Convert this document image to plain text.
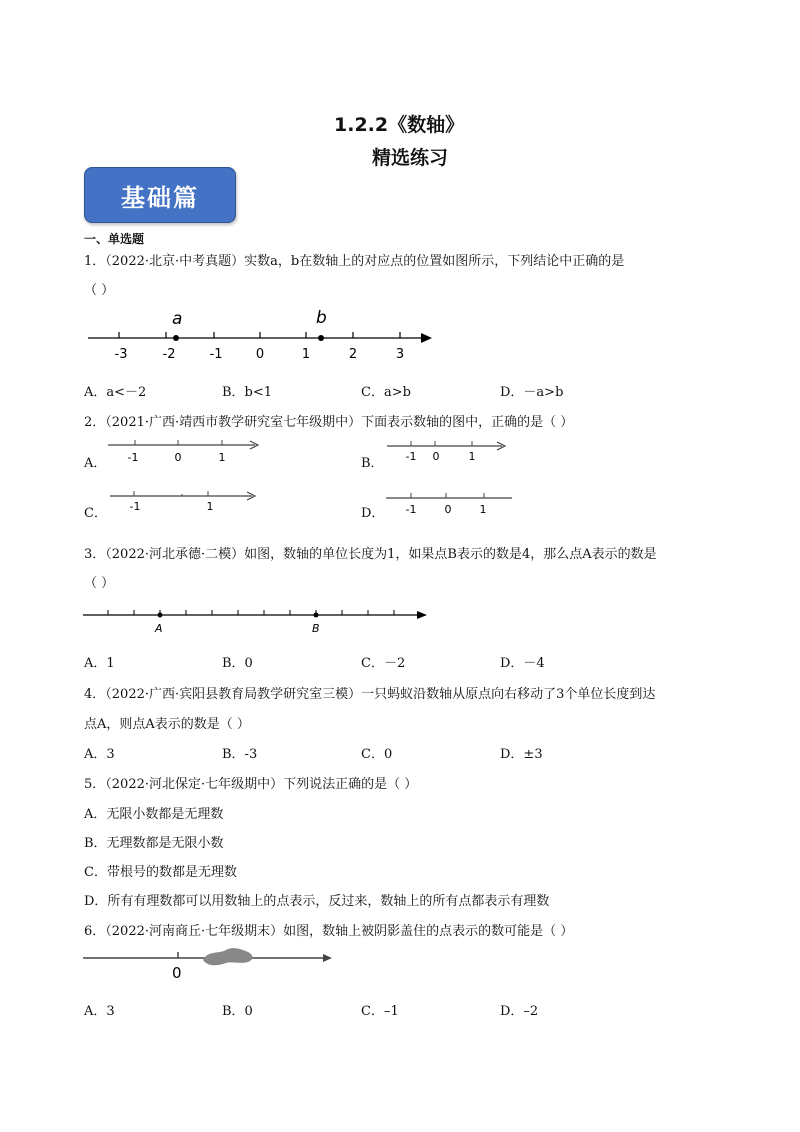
1.2.2《数轴》
精选练习
基础篇
一、单选题
1．（2022·北京·中考真题）实数a，b在数轴上的对应点的位置如图所示，下列结论中正确的是
（ ）
a	b
-3	-2	-1	0	1	2	3
A．a<－2	B．b<1	C．a>b	D．－a>b
2．（2021·广西·靖西市教学研究室七年级期中）下面表示数轴的图中，正确的是（ ）
A． -1	0	1	B． -1 0	1
C． -1	1	D． -1	0	1
3．（2022·河北承德·二模）如图，数轴的单位长度为1，如果点B表示的数是4，那么点A表示的数是
（ ）
A	B
A．1	B．0	C．－2	D．－4
4．（2022·广西·宾阳县教育局教学研究室三模）一只蚂蚁沿数轴从原点向右移动了3个单位长度到达
点A，则点A表示的数是（ ）
A．3	B．-3	C．0	D．±3
5．（2022·河北保定·七年级期中）下列说法正确的是（ ）
A．无限小数都是无理数
B．无理数都是无限小数
C．带根号的数都是无理数
D．所有有理数都可以用数轴上的点表示，反过来，数轴上的所有点都表示有理数
6．（2022·河南商丘·七年级期末）如图，数轴上被阴影盖住的点表示的数可能是（ ）
0
A．3	B．0	C．–1	D．–2
